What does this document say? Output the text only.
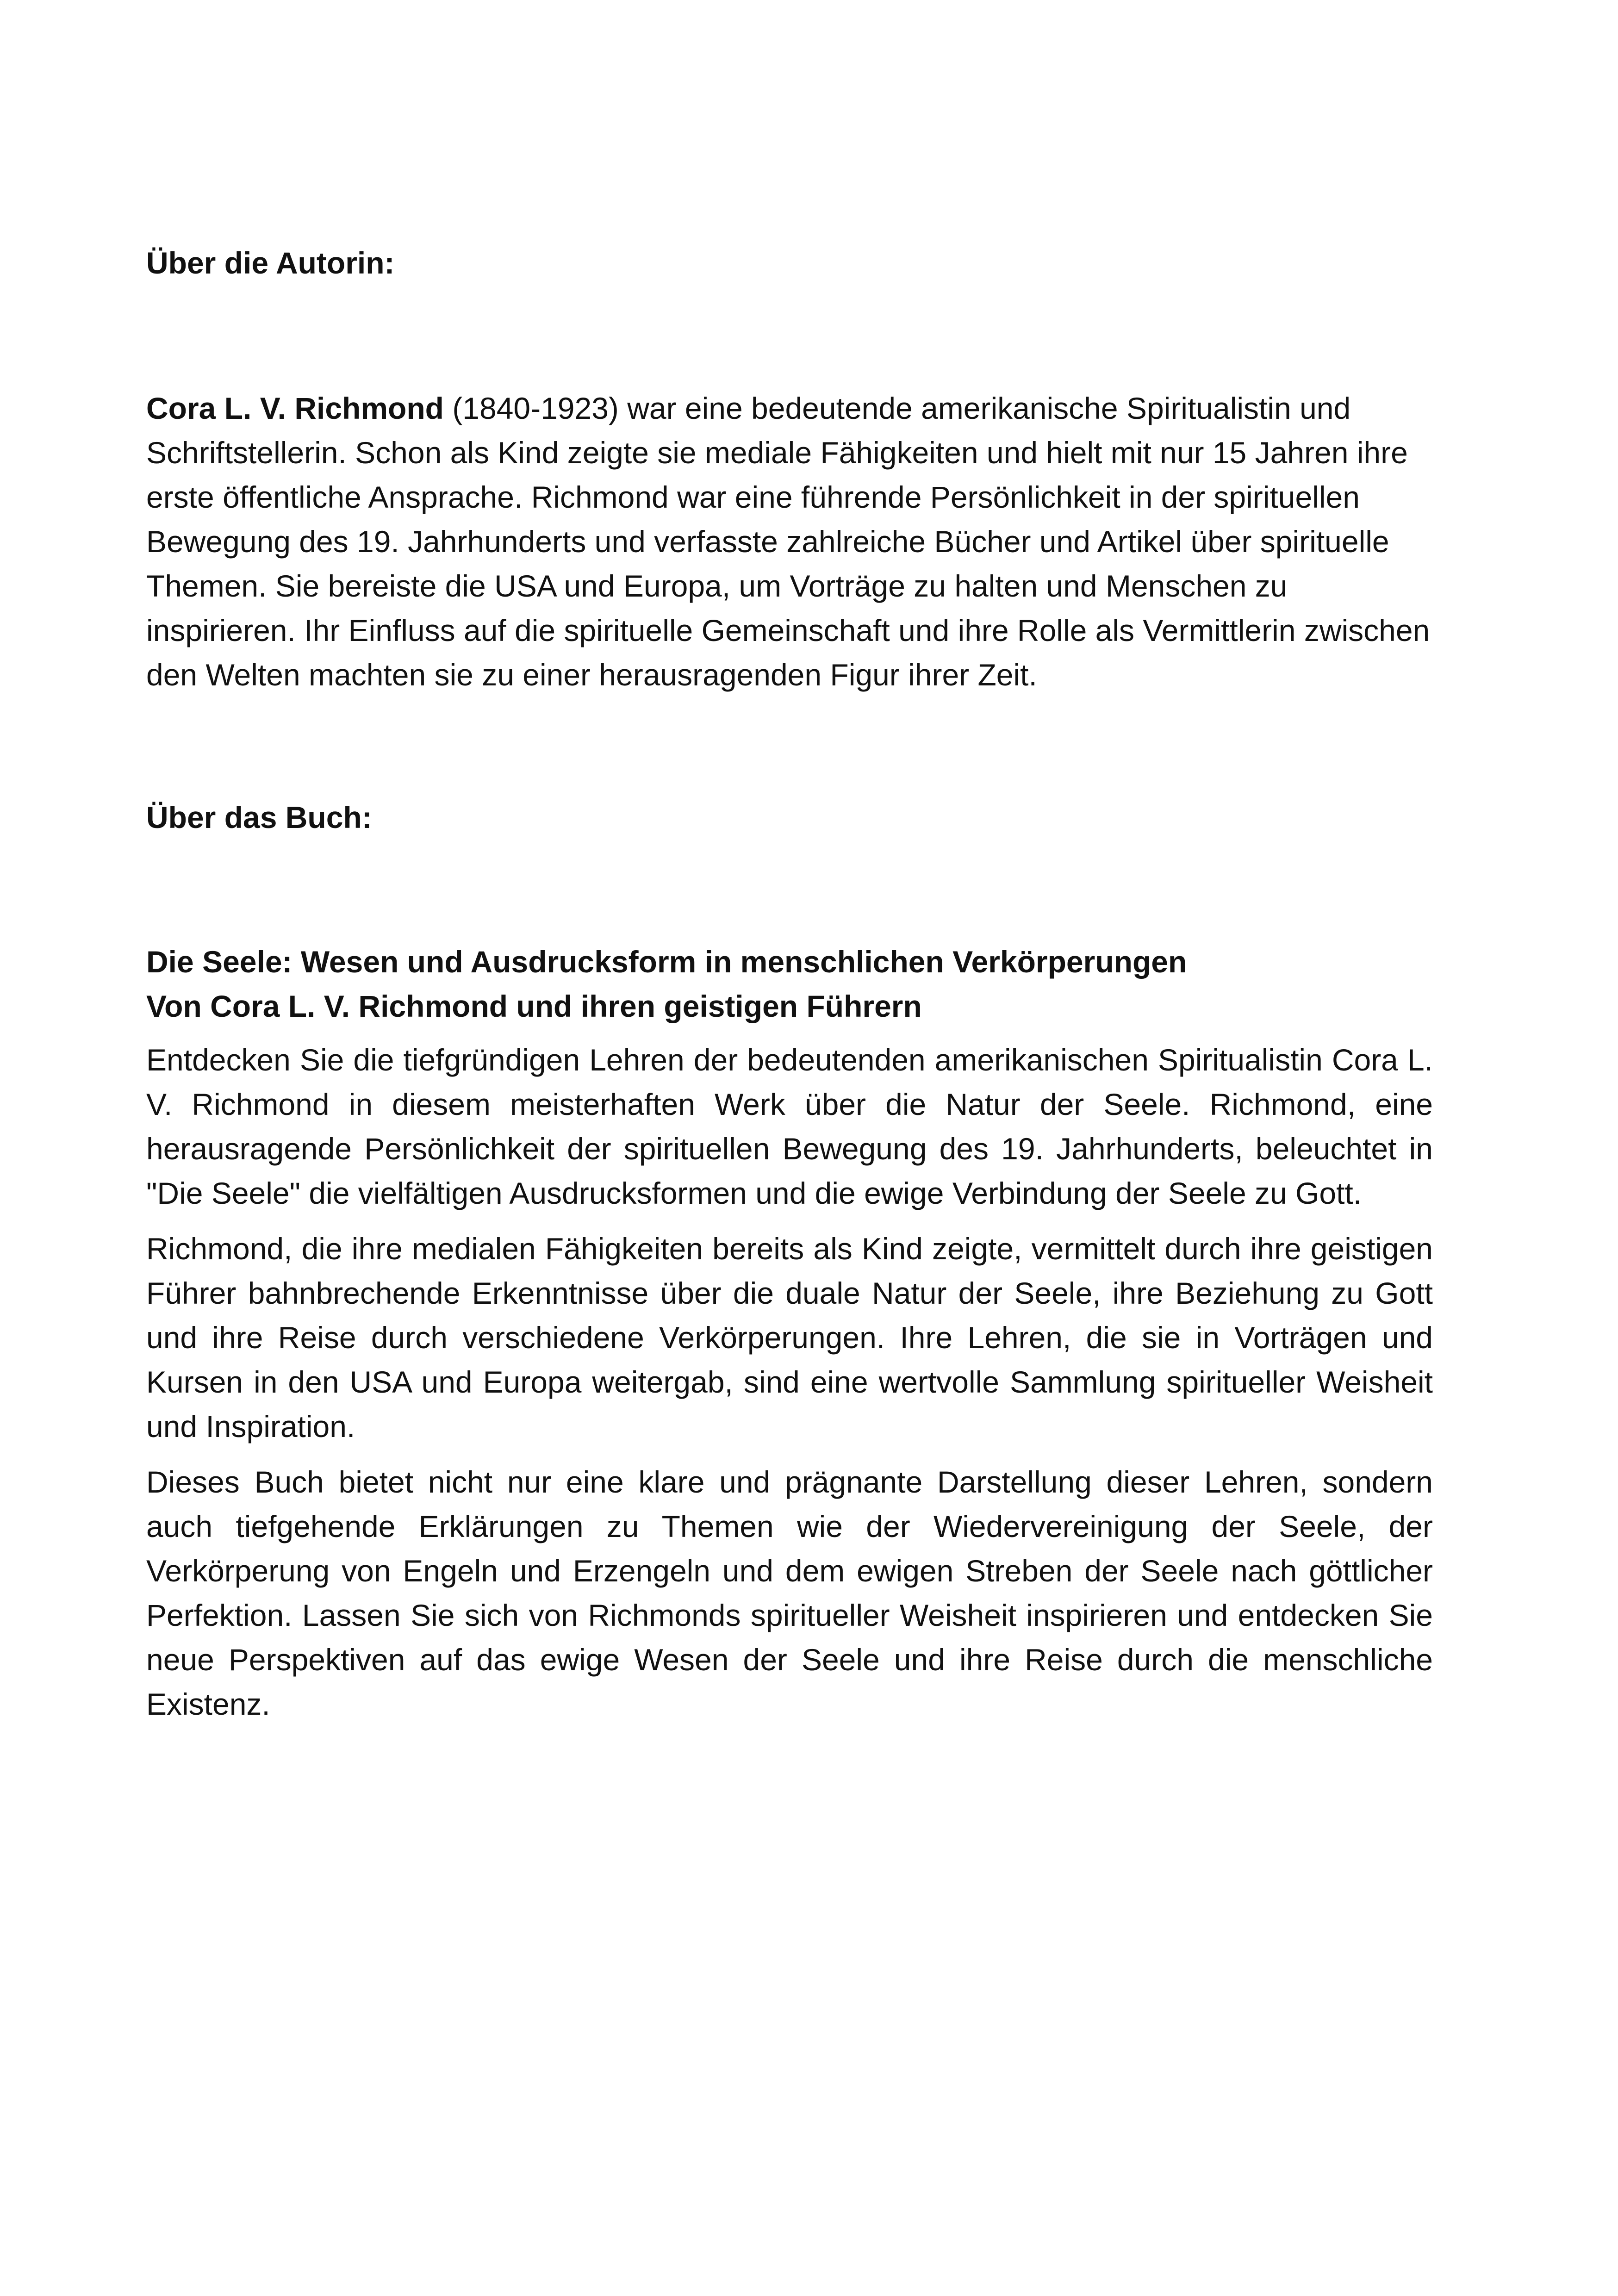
Über die Autorin:

Cora L. V. Richmond (1840-1923) war eine bedeutende amerikanische Spiritualistin und Schriftstellerin. Schon als Kind zeigte sie mediale Fähigkeiten und hielt mit nur 15 Jahren ihre erste öffentliche Ansprache. Richmond war eine führende Persönlichkeit in der spirituellen Bewegung des 19. Jahrhunderts und verfasste zahlreiche Bücher und Artikel über spirituelle Themen. Sie bereiste die USA und Europa, um Vorträge zu halten und Menschen zu inspirieren. Ihr Einfluss auf die spirituelle Gemeinschaft und ihre Rolle als Vermittlerin zwischen den Welten machten sie zu einer herausragenden Figur ihrer Zeit.

Über das Buch:

Die Seele: Wesen und Ausdrucksform in menschlichen Verkörperungen

Von Cora L. V. Richmond und ihren geistigen Führern

Entdecken Sie die tiefgründigen Lehren der bedeutenden amerikanischen Spiritualistin Cora L. V. Richmond in diesem meisterhaften Werk über die Natur der Seele. Richmond, eine herausragende Persönlichkeit der spirituellen Bewegung des 19. Jahrhunderts, beleuchtet in "Die Seele" die vielfältigen Ausdrucksformen und die ewige Verbindung der Seele zu Gott.

Richmond, die ihre medialen Fähigkeiten bereits als Kind zeigte, vermittelt durch ihre geistigen Führer bahnbrechende Erkenntnisse über die duale Natur der Seele, ihre Beziehung zu Gott und ihre Reise durch verschiedene Verkörperungen. Ihre Lehren, die sie in Vorträgen und Kursen in den USA und Europa weitergab, sind eine wertvolle Sammlung spiritueller Weisheit und Inspiration.

Dieses Buch bietet nicht nur eine klare und prägnante Darstellung dieser Lehren, sondern auch tiefgehende Erklärungen zu Themen wie der Wiedervereinigung der Seele, der Verkörperung von Engeln und Erzengeln und dem ewigen Streben der Seele nach göttlicher Perfektion. Lassen Sie sich von Richmonds spiritueller Weisheit inspirieren und entdecken Sie neue Perspektiven auf das ewige Wesen der Seele und ihre Reise durch die menschliche Existenz.
